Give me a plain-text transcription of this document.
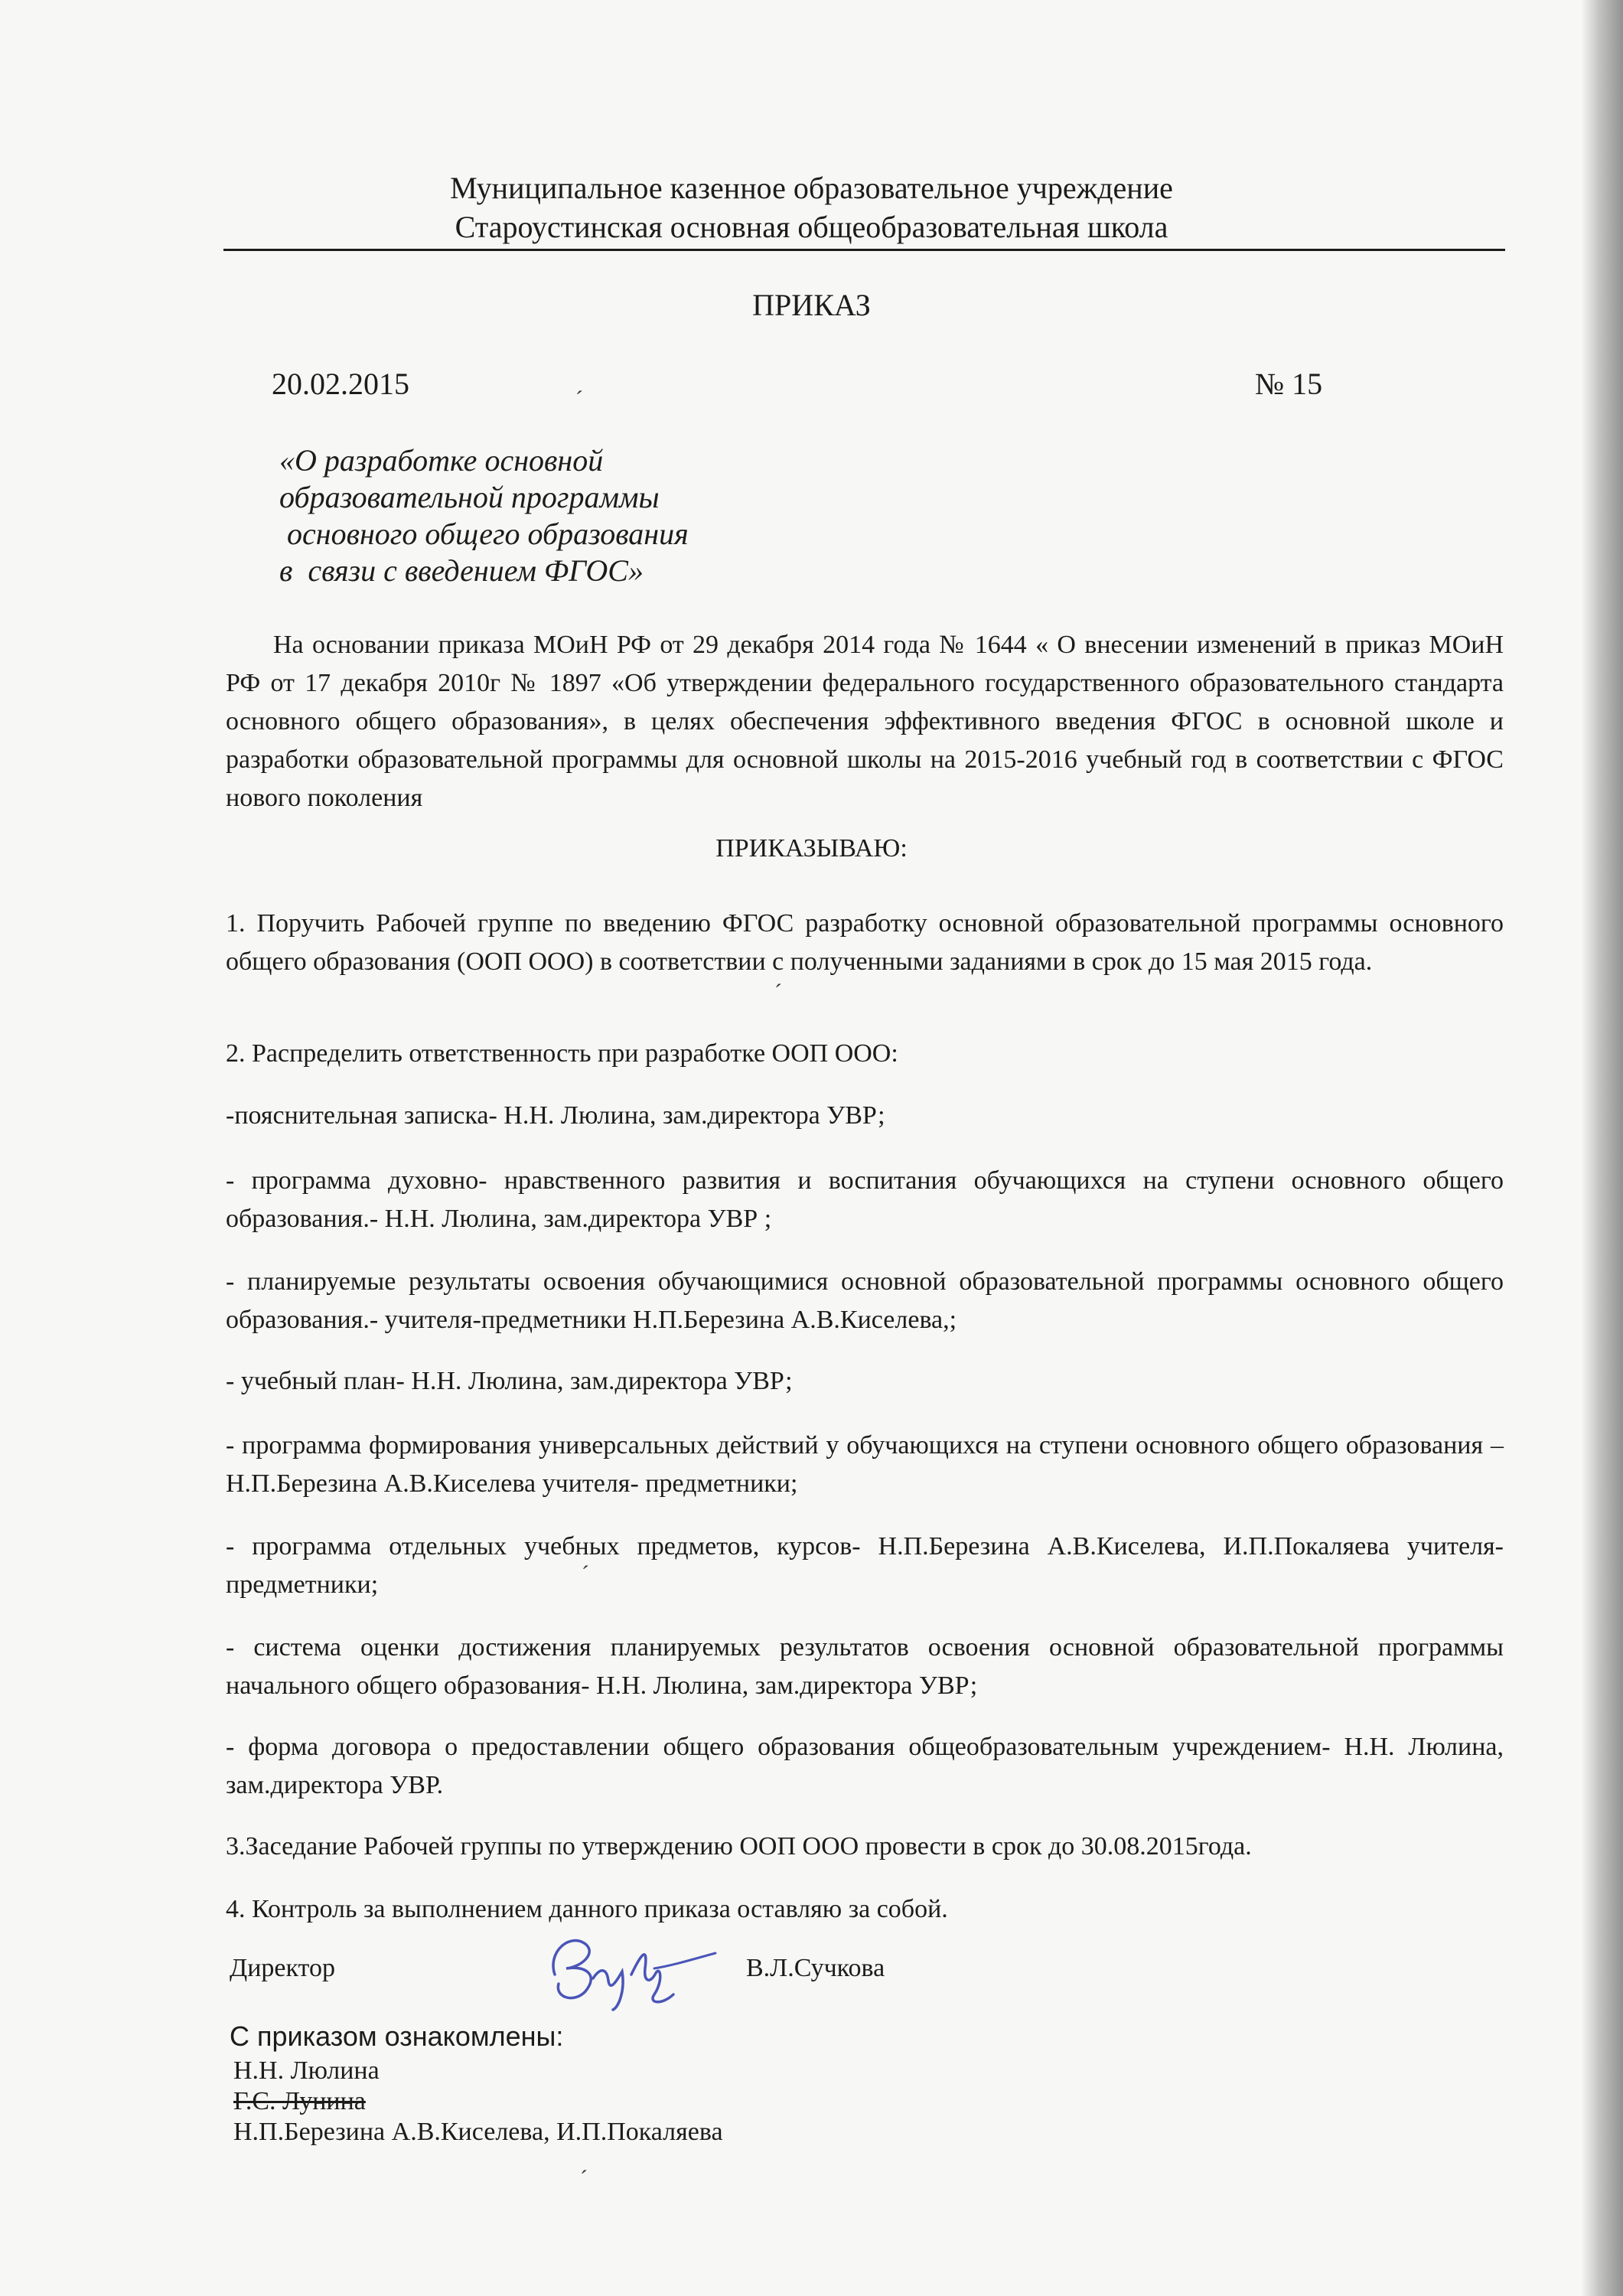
Муниципальное казенное образовательное учреждение
Староустинская основная общеобразовательная школа
ПРИКАЗ
20.02.2015	№ 15
«О разработке основной
образовательной программы
основного общего образования
в  связи с введением ФГОС»
На основании приказа МОиН РФ от 29 декабря 2014 года № 1644 « О внесении изменений в приказ МОиН РФ от 17 декабря 2010г № 1897 «Об утверждении федерального государственного образовательного стандарта основного общего образования», в целях обеспечения эффективного введения ФГОС в основной школе и разработки образовательной программы для основной школы на 2015-2016 учебный год в соответствии с ФГОС нового поколения
ПРИКАЗЫВАЮ:
1. Поручить Рабочей группе по введению ФГОС разработку основной образовательной программы основного общего образования (ООП ООО) в соответствии с полученными заданиями в срок до 15 мая 2015 года.
2. Распределить ответственность при разработке ООП ООО:
-пояснительная записка- Н.Н. Люлина, зам.директора УВР;
- программа духовно- нравственного развития и воспитания обучающихся на ступени основного общего образования.- Н.Н. Люлина, зам.директора УВР ;
- планируемые результаты освоения обучающимися основной образовательной программы основного общего образования.- учителя-предметники Н.П.Березина А.В.Киселева,;
- учебный план- Н.Н. Люлина, зам.директора УВР;
- программа формирования универсальных действий у обучающихся на ступени основного общего образования – Н.П.Березина А.В.Киселева учителя- предметники;
- программа отдельных учебных предметов, курсов- Н.П.Березина А.В.Киселева, И.П.Покаляева учителя-предметники;
- система оценки достижения планируемых результатов освоения основной образовательной программы начального общего образования- Н.Н. Люлина, зам.директора УВР;
- форма договора о предоставлении общего образования общеобразовательным учреждением- Н.Н. Люлина, зам.директора УВР.
3.Заседание Рабочей группы по утверждению ООП ООО провести в срок до 30.08.2015года.
4. Контроль за выполнением данного приказа оставляю за собой.
Директор	В.Л.Сучкова
С приказом ознакомлены:
Н.Н. Люлина
Г.С. Лунина
Н.П.Березина А.В.Киселева, И.П.Покаляева
ˊ
ˊ
ˊ
ˊ
